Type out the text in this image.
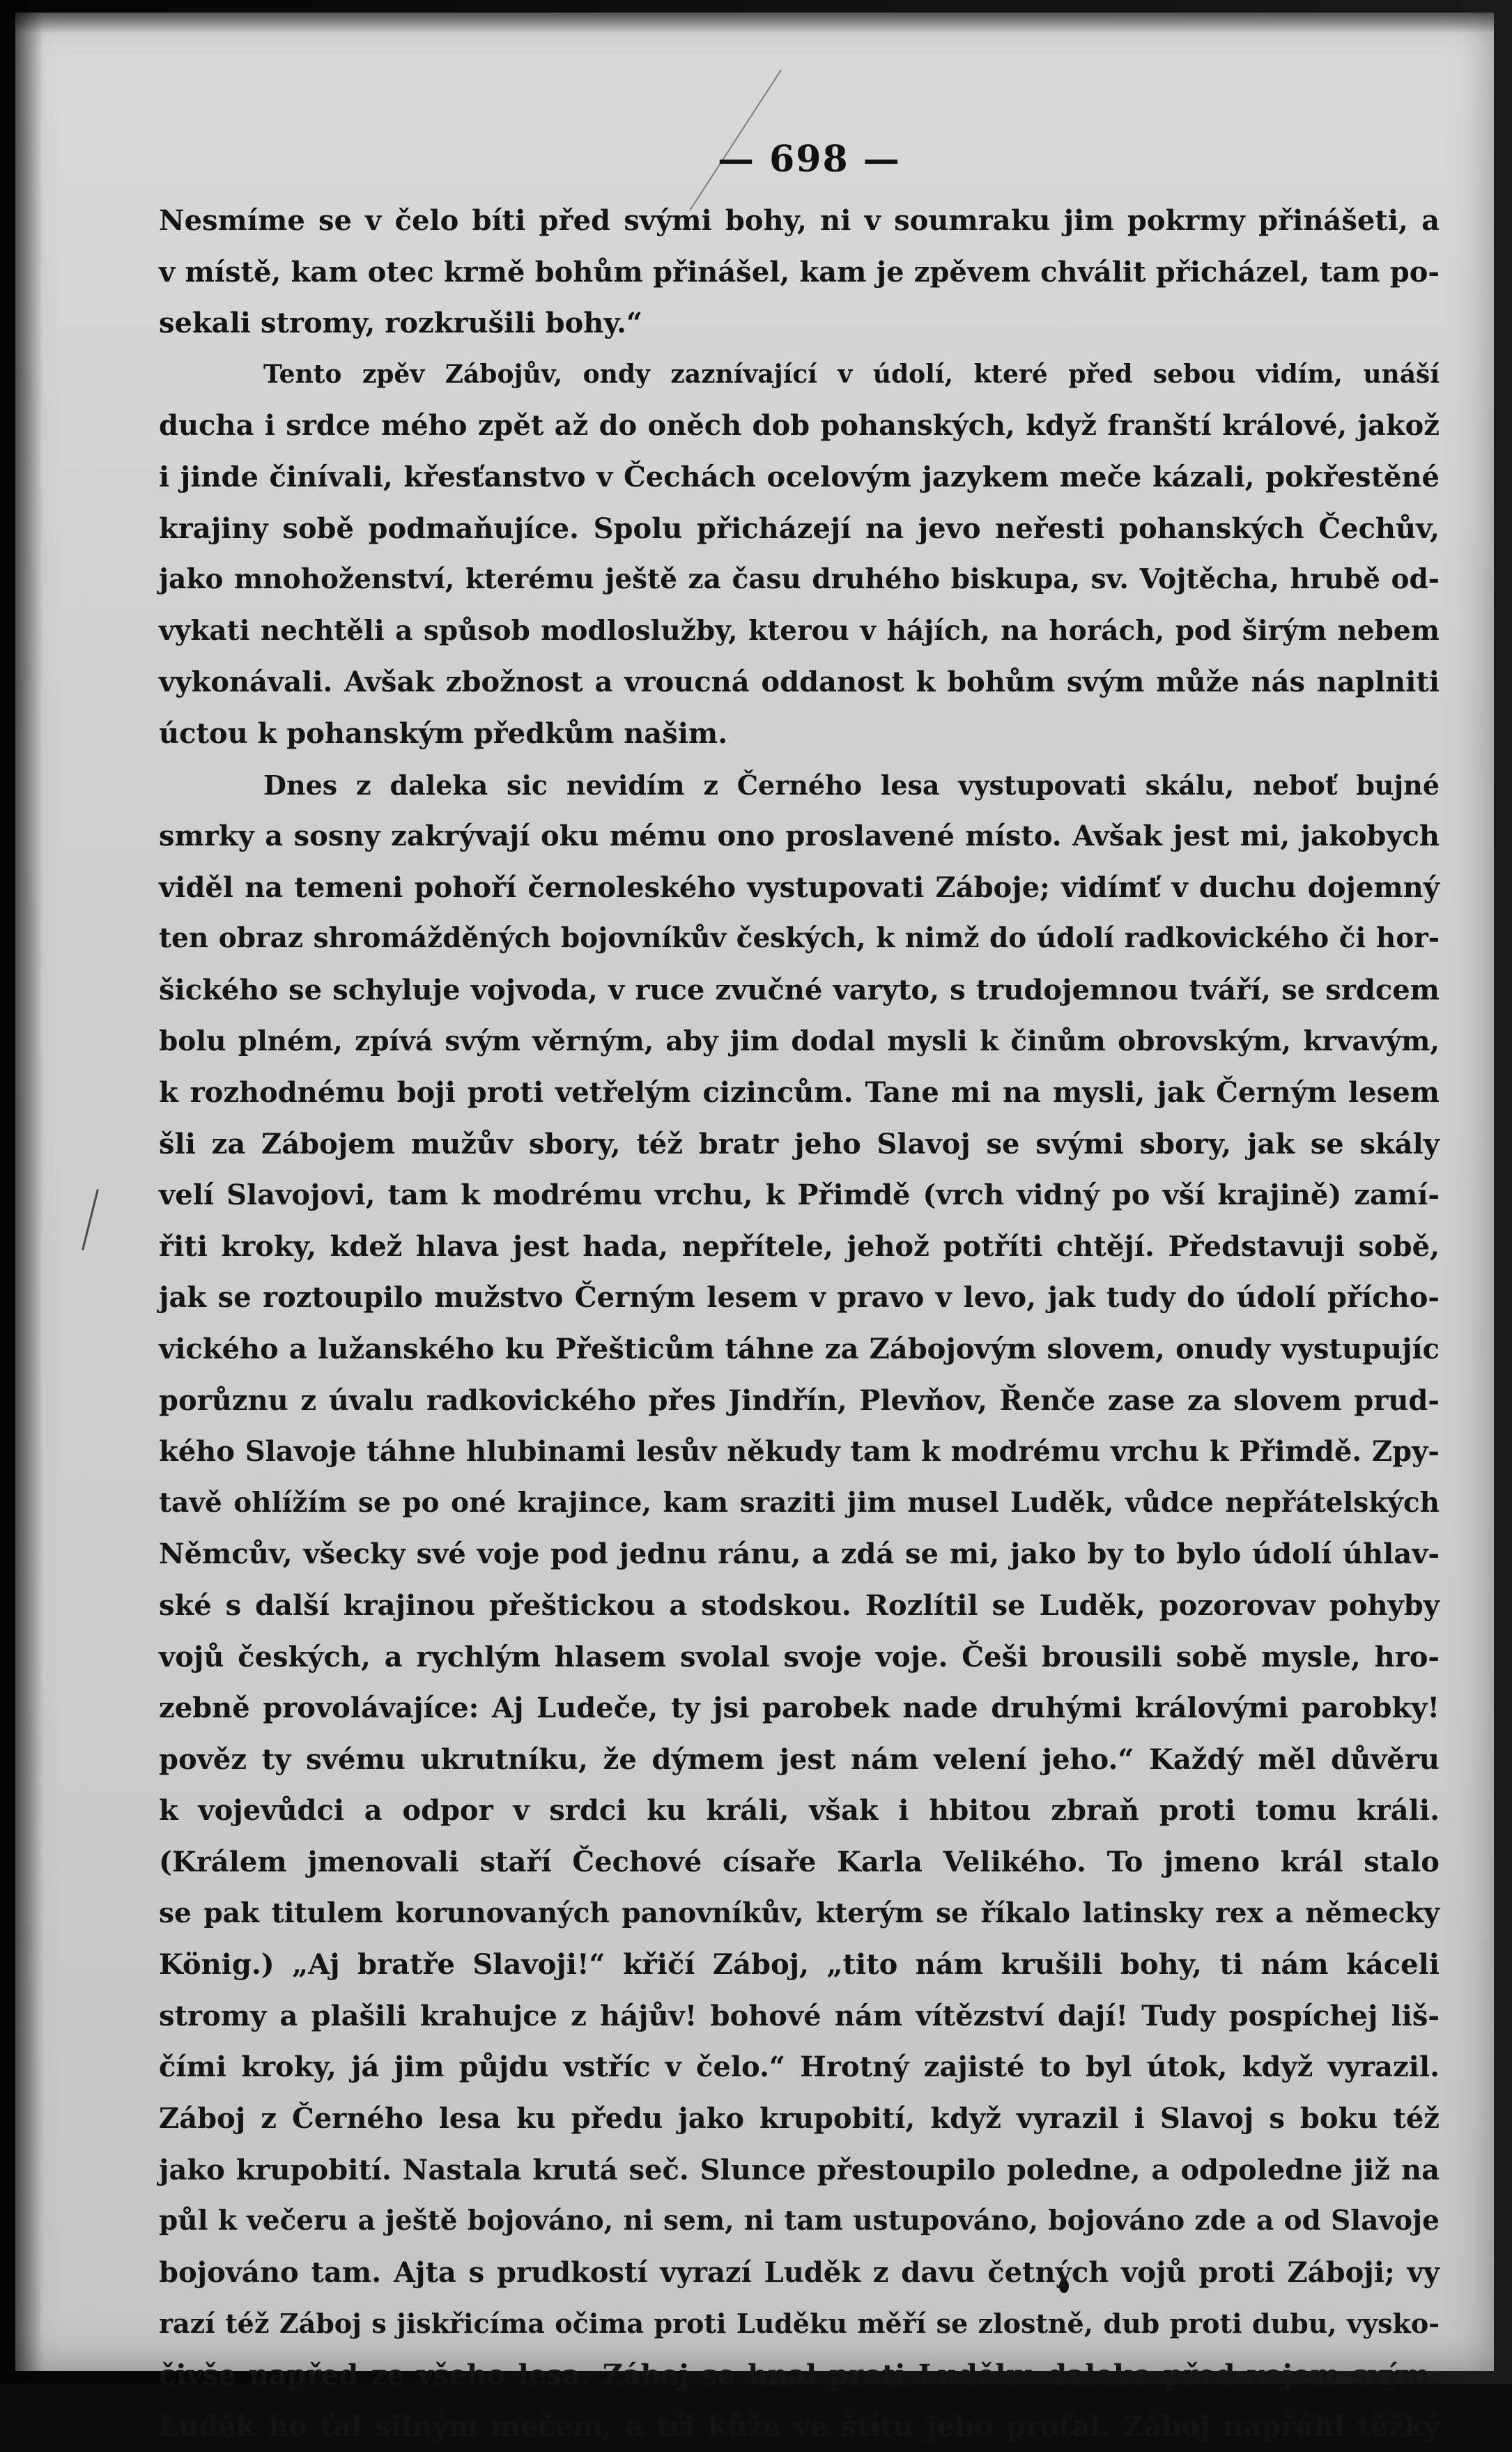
— 698 —
Nesmíme se v čelo bíti před svými bohy, ni v soumraku jim pokrmy přinášeti, a
v místě, kam otec krmě bohům přinášel, kam je zpěvem chválit přicházel, tam po-
sekali stromy, rozkrušili bohy.“
Tento zpěv Zábojův, ondy zaznívající v údolí, které před sebou vidím, unáší
ducha i srdce mého zpět až do oněch dob pohanských, když franští králové, jakož
i jinde činívali, křesťanstvo v Čechách ocelovým jazykem meče kázali, pokřestěné
krajiny sobě podmaňujíce. Spolu přicházejí na jevo neřesti pohanských Čechův,
jako mnohoženství, kterému ještě za času druhého biskupa, sv. Vojtěcha, hrubě od-
vykati nechtěli a spůsob modloslužby, kterou v hájích, na horách, pod širým nebem
vykonávali. Avšak zbožnost a vroucná oddanost k bohům svým může nás naplniti
úctou k pohanským předkům našim.
Dnes z daleka sic nevidím z Černého lesa vystupovati skálu, neboť bujné
smrky a sosny zakrývají oku mému ono proslavené místo. Avšak jest mi, jakobych
viděl na temeni pohoří černoleského vystupovati Záboje; vidímť v duchu dojemný
ten obraz shromážděných bojovníkův českých, k nimž do údolí radkovického či hor-
šického se schyluje vojvoda, v ruce zvučné varyto, s trudojemnou tváří, se srdcem
bolu plném, zpívá svým věrným, aby jim dodal mysli k činům obrovským, krvavým,
k rozhodnému boji proti vetřelým cizincům. Tane mi na mysli, jak Černým lesem
šli za Zábojem mužův sbory, též bratr jeho Slavoj se svými sbory, jak se skály
velí Slavojovi, tam k modrému vrchu, k Přimdě (vrch vidný po vší krajině) zamí-
řiti kroky, kdež hlava jest hada, nepřítele, jehož potříti chtějí. Představuji sobě,
jak se roztoupilo mužstvo Černým lesem v pravo v levo, jak tudy do údolí přícho-
vického a lužanského ku Přešticům táhne za Zábojovým slovem, onudy vystupujíc
porůznu z úvalu radkovického přes Jindřín, Plevňov, Řenče zase za slovem prud-
kého Slavoje táhne hlubinami lesův někudy tam k modrému vrchu k Přimdě. Zpy-
tavě ohlížím se po oné krajince, kam sraziti jim musel Luděk, vůdce nepřátelských
Němcův, všecky své voje pod jednu ránu, a zdá se mi, jako by to bylo údolí úhlav-
ské s další krajinou přeštickou a stodskou. Rozlítil se Luděk, pozorovav pohyby
vojů českých, a rychlým hlasem svolal svoje voje. Češi brousili sobě mysle, hro-
zebně provolávajíce: Aj Ludeče, ty jsi parobek nade druhými královými parobky!
pověz ty svému ukrutníku, že dýmem jest nám velení jeho.“ Každý měl důvěru
k vojevůdci a odpor v srdci ku králi, však i hbitou zbraň proti tomu králi.
(Králem jmenovali staří Čechové císaře Karla Velikého. To jmeno král stalo
se pak titulem korunovaných panovníkův, kterým se říkalo latinsky rex a německy
König.) „Aj bratře Slavoji!“ křičí Záboj, „tito nám krušili bohy, ti nám káceli
stromy a plašili krahujce z hájův! bohové nám vítězství dají! Tudy pospíchej liš-
čími kroky, já jim půjdu vstříc v čelo.“ Hrotný zajisté to byl útok, když vyrazil.
Záboj z Černého lesa ku předu jako krupobití, když vyrazil i Slavoj s boku též
jako krupobití. Nastala krutá seč. Slunce přestoupilo poledne, a odpoledne již na
půl k večeru a ještě bojováno, ni sem, ni tam ustupováno, bojováno zde a od Slavoje
bojováno tam. Ajta s prudkostí vyrazí Luděk z davu četných vojů proti Záboji; vy
razí též Záboj s jiskřicíma očima proti Luděku měří se zlostně, dub proti dubu, vysko-
čivše napřed ze všeho lesa. Záboj se hnal proti Luděku daleko před vojem svým.
Luděk ho ťal silným mečem, a tři kůže ve štítu jeho proťal. Záboj napřáhl těžký
